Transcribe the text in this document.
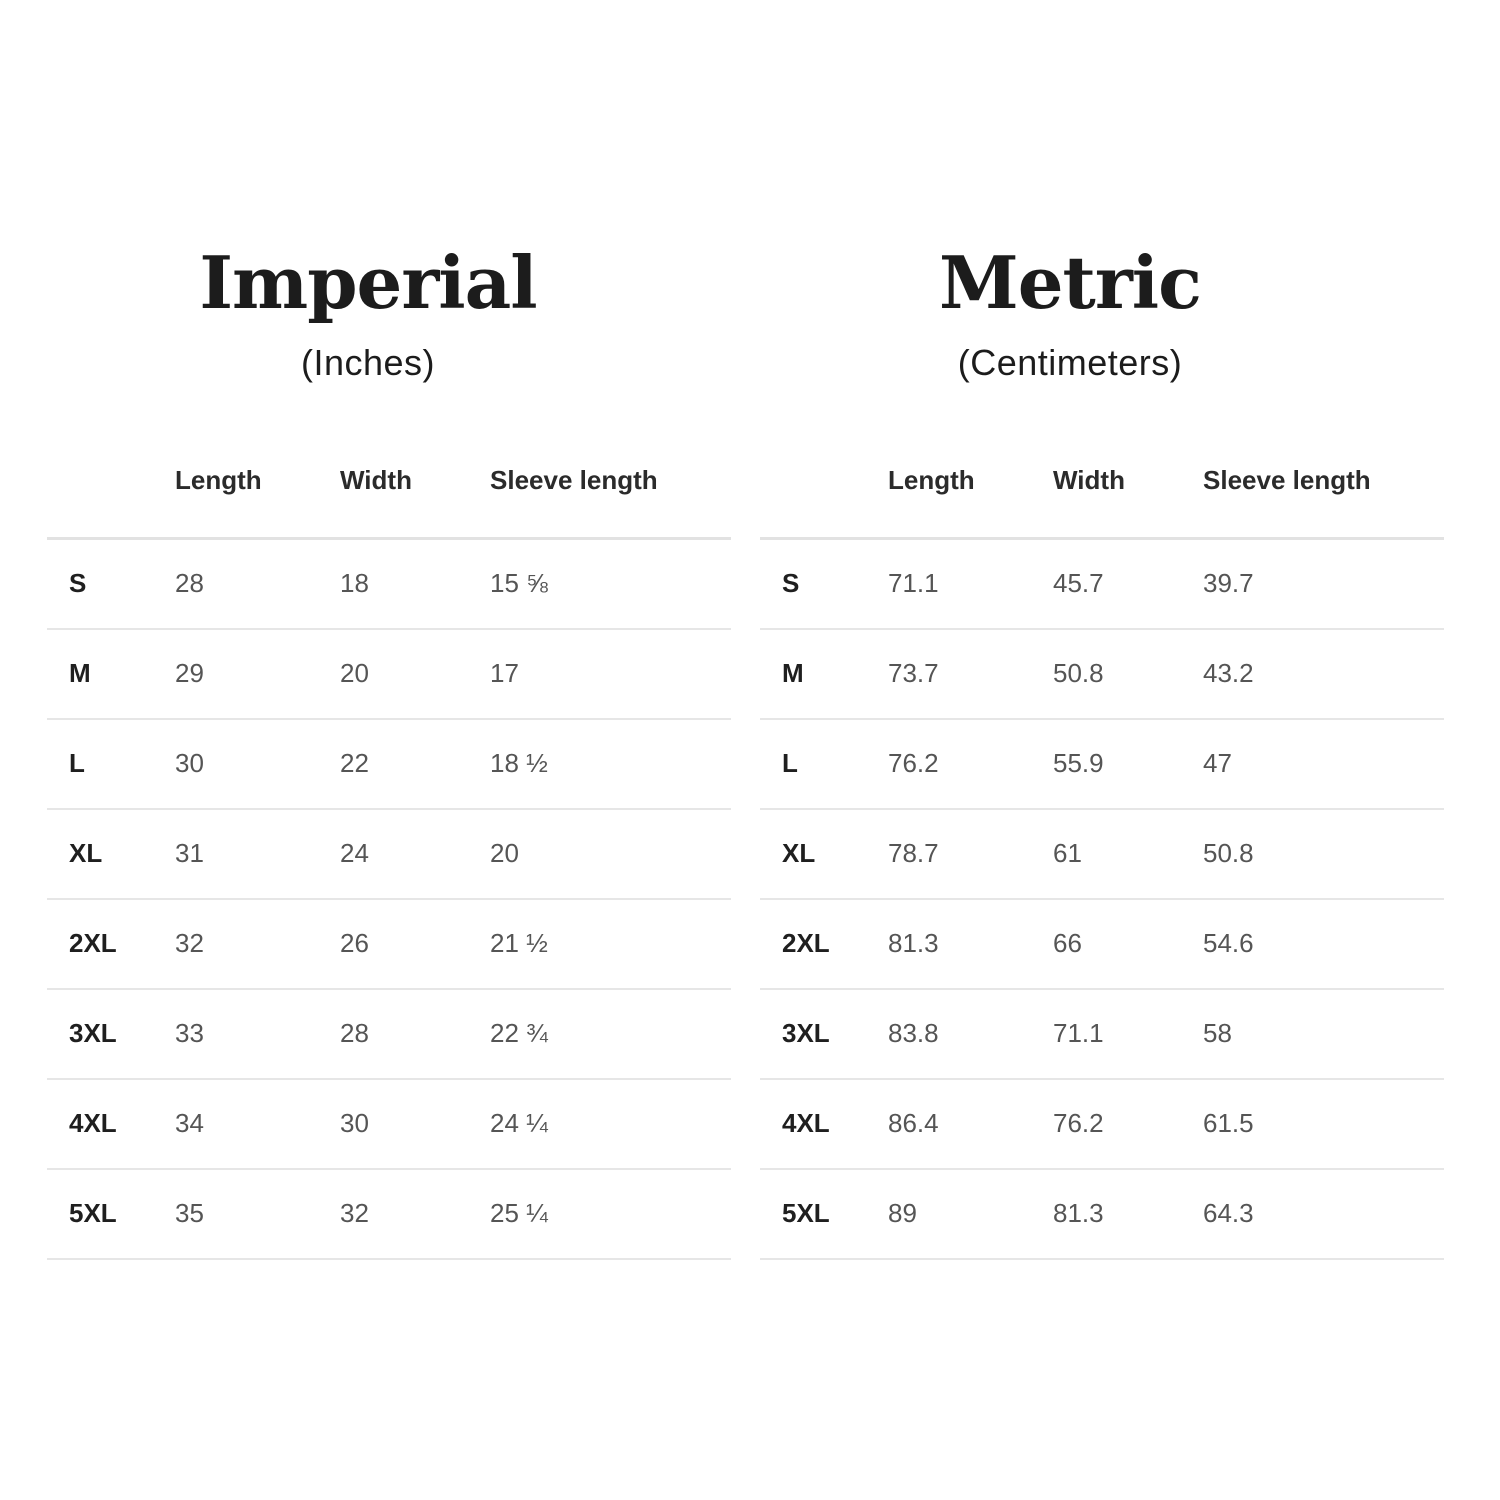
Imperial
(Inches)
Length	Width	Sleeve length
S	28	18	15 ⅝
M	29	20	17
L	30	22	18 ½
XL	31	24	20
2XL 32	26	21 ½
3XL 33	28	22 ¾
4XL 34	30	24 ¼
5XL 35	32	25 ¼
Metric
(Centimeters)
Length	Width	Sleeve length
S	71.1	45.7	39.7
M	73.7	50.8	43.2
L	76.2	55.9	47
XL	78.7	61	50.8
2XL 81.3	66	54.6
3XL 83.8	71.1	58
4XL 86.4	76.2	61.5
5XL 89	81.3	64.3
